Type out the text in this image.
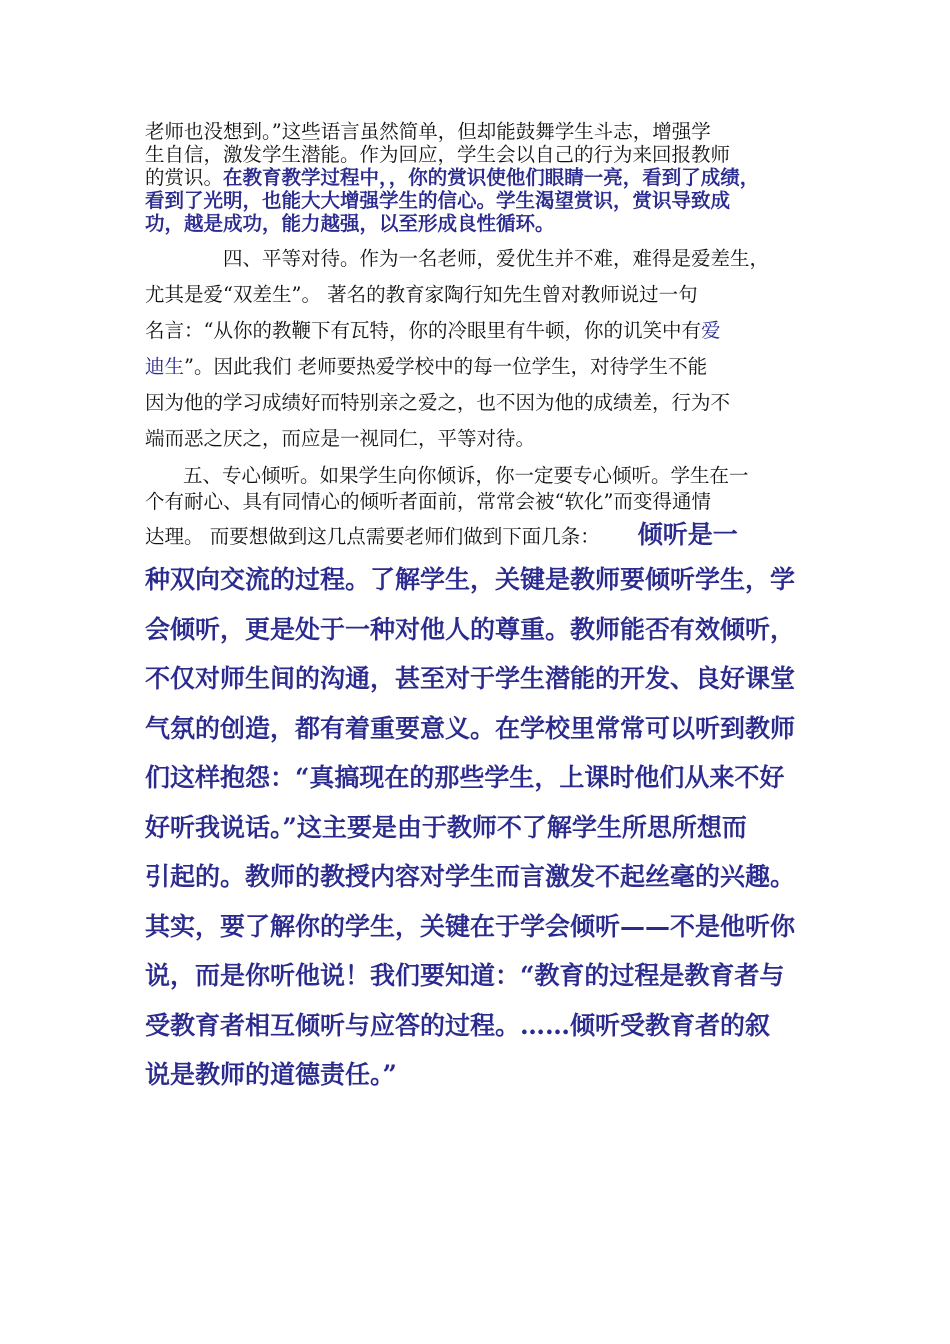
老师也没想到。”这些语言虽然简单，但却能鼓舞学生斗志，增强学
生自信，激发学生潜能。作为回应，学生会以自己的行为来回报教师
的赏识。在教育教学过程中，，你的赏识使他们眼睛一亮，看到了成绩，
看到了光明，也能大大增强学生的信心。学生渴望赏识，赏识导致成
功，越是成功，能力越强，以至形成良性循环。
四、平等对待。作为一名老师，爱优生并不难，难得是爱差生，
尤其是爱“双差生”。 著名的教育家陶行知先生曾对教师说过一句
名言：“从你的教鞭下有瓦特，你的冷眼里有牛顿，你的讥笑中有爱
迪生”。因此我们 老师要热爱学校中的每一位学生，对待学生不能
因为他的学习成绩好而特别亲之爱之，也不因为他的成绩差，行为不
端而恶之厌之，而应是一视同仁，平等对待。
五、专心倾听。如果学生向你倾诉，你一定要专心倾听。学生在一
个有耐心、具有同情心的倾听者面前，常常会被“软化”而变得通情
达理。 而要想做到这几点需要老师们做到下面几条： 倾听是一
种双向交流的过程。了解学生，关键是教师要倾听学生，学
会倾听，更是处于一种对他人的尊重。教师能否有效倾听，
不仅对师生间的沟通，甚至对于学生潜能的开发、良好课堂
气氛的创造，都有着重要意义。在学校里常常可以听到教师
们这样抱怨：“真搞现在的那些学生，上课时他们从来不好
好听我说话。”这主要是由于教师不了解学生所思所想而
引起的。教师的教授内容对学生而言激发不起丝毫的兴趣。
其实，要了解你的学生，关键在于学会倾听——不是他听你
说，而是你听他说！我们要知道：“教育的过程是教育者与
受教育者相互倾听与应答的过程。……倾听受教育者的叙
说是教师的道德责任。”
